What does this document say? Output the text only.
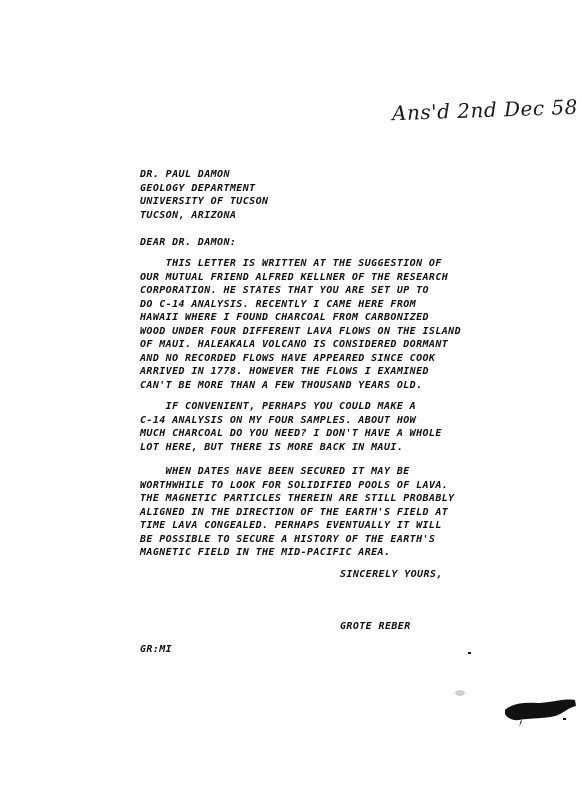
Ans'd 2nd Dec 58
DR. PAUL DAMON
GEOLOGY DEPARTMENT
UNIVERSITY OF TUCSON
TUCSON, ARIZONA
DEAR DR. DAMON:
THIS LETTER IS WRITTEN AT THE SUGGESTION OF
OUR MUTUAL FRIEND ALFRED KELLNER OF THE RESEARCH
CORPORATION. HE STATES THAT YOU ARE SET UP TO
DO C-14 ANALYSIS. RECENTLY I CAME HERE FROM
HAWAII WHERE I FOUND CHARCOAL FROM CARBONIZED
WOOD UNDER FOUR DIFFERENT LAVA FLOWS ON THE ISLAND
OF MAUI. HALEAKALA VOLCANO IS CONSIDERED DORMANT
AND NO RECORDED FLOWS HAVE APPEARED SINCE COOK
ARRIVED IN 1778. HOWEVER THE FLOWS I EXAMINED
CAN'T BE MORE THAN A FEW THOUSAND YEARS OLD.
IF CONVENIENT, PERHAPS YOU COULD MAKE A
C-14 ANALYSIS ON MY FOUR SAMPLES. ABOUT HOW
MUCH CHARCOAL DO YOU NEED? I DON'T HAVE A WHOLE
LOT HERE, BUT THERE IS MORE BACK IN MAUI.
WHEN DATES HAVE BEEN SECURED IT MAY BE
WORTHWHILE TO LOOK FOR SOLIDIFIED POOLS OF LAVA.
THE MAGNETIC PARTICLES THEREIN ARE STILL PROBABLY
ALIGNED IN THE DIRECTION OF THE EARTH'S FIELD AT
TIME LAVA CONGEALED. PERHAPS EVENTUALLY IT WILL
BE POSSIBLE TO SECURE A HISTORY OF THE EARTH'S
MAGNETIC FIELD IN THE MID-PACIFIC AREA.
SINCERELY YOURS,
GROTE REBER
GR:MI
